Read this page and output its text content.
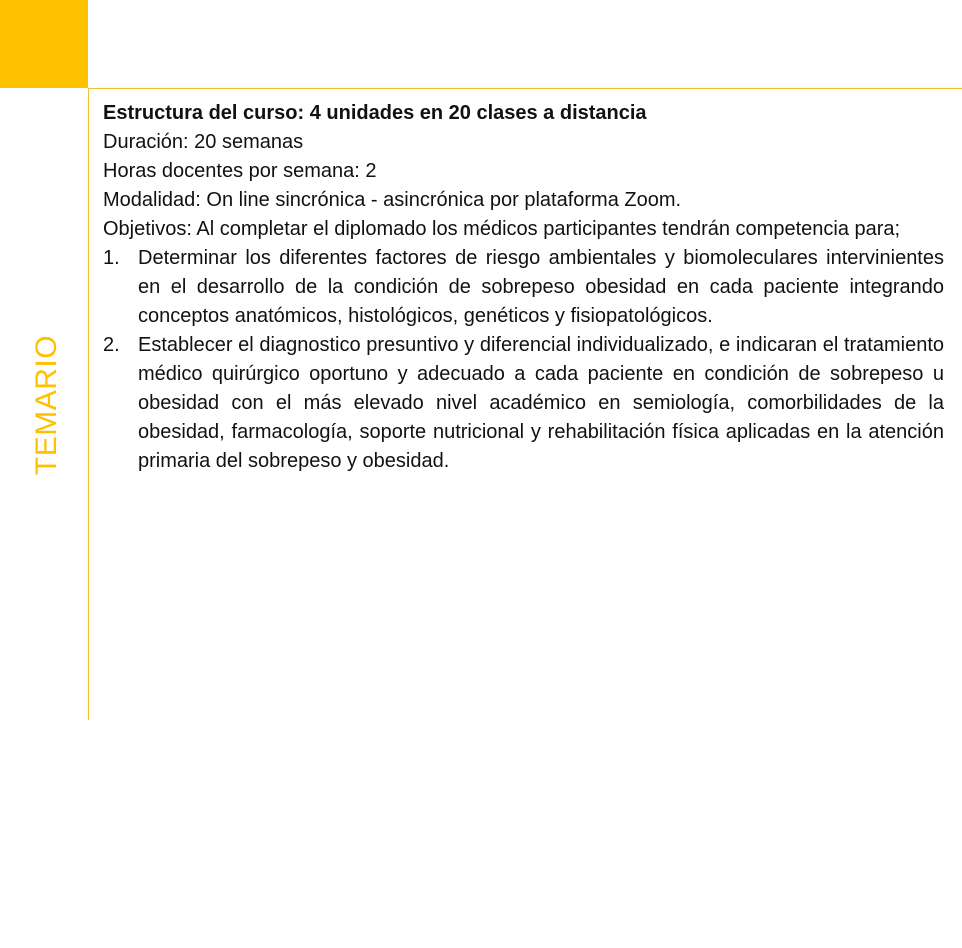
TEMARIO

Estructura del curso: 4 unidades en 20 clases a distancia

Duración: 20 semanas

Horas docentes por semana: 2

Modalidad: On line sincrónica - asincrónica por plataforma Zoom.

Objetivos: Al completar el diplomado los médicos participantes tendrán competencia para;

1. Determinar los diferentes factores de riesgo ambientales y biomoleculares intervinientes en el desarrollo de la condición de sobrepeso obesidad en cada paciente integrando conceptos anatómicos, histológicos, genéticos y fisiopatológicos.
2. Establecer el diagnostico presuntivo y diferencial individualizado, e indicaran el tratamiento médico quirúrgico oportuno y adecuado a cada paciente en condición de sobrepeso u obesidad con el más elevado nivel académico en semiología, comorbilidades de la obesidad, farmacología, soporte nutricional y rehabilitación física aplicadas en la atención primaria del sobrepeso y obesidad.
